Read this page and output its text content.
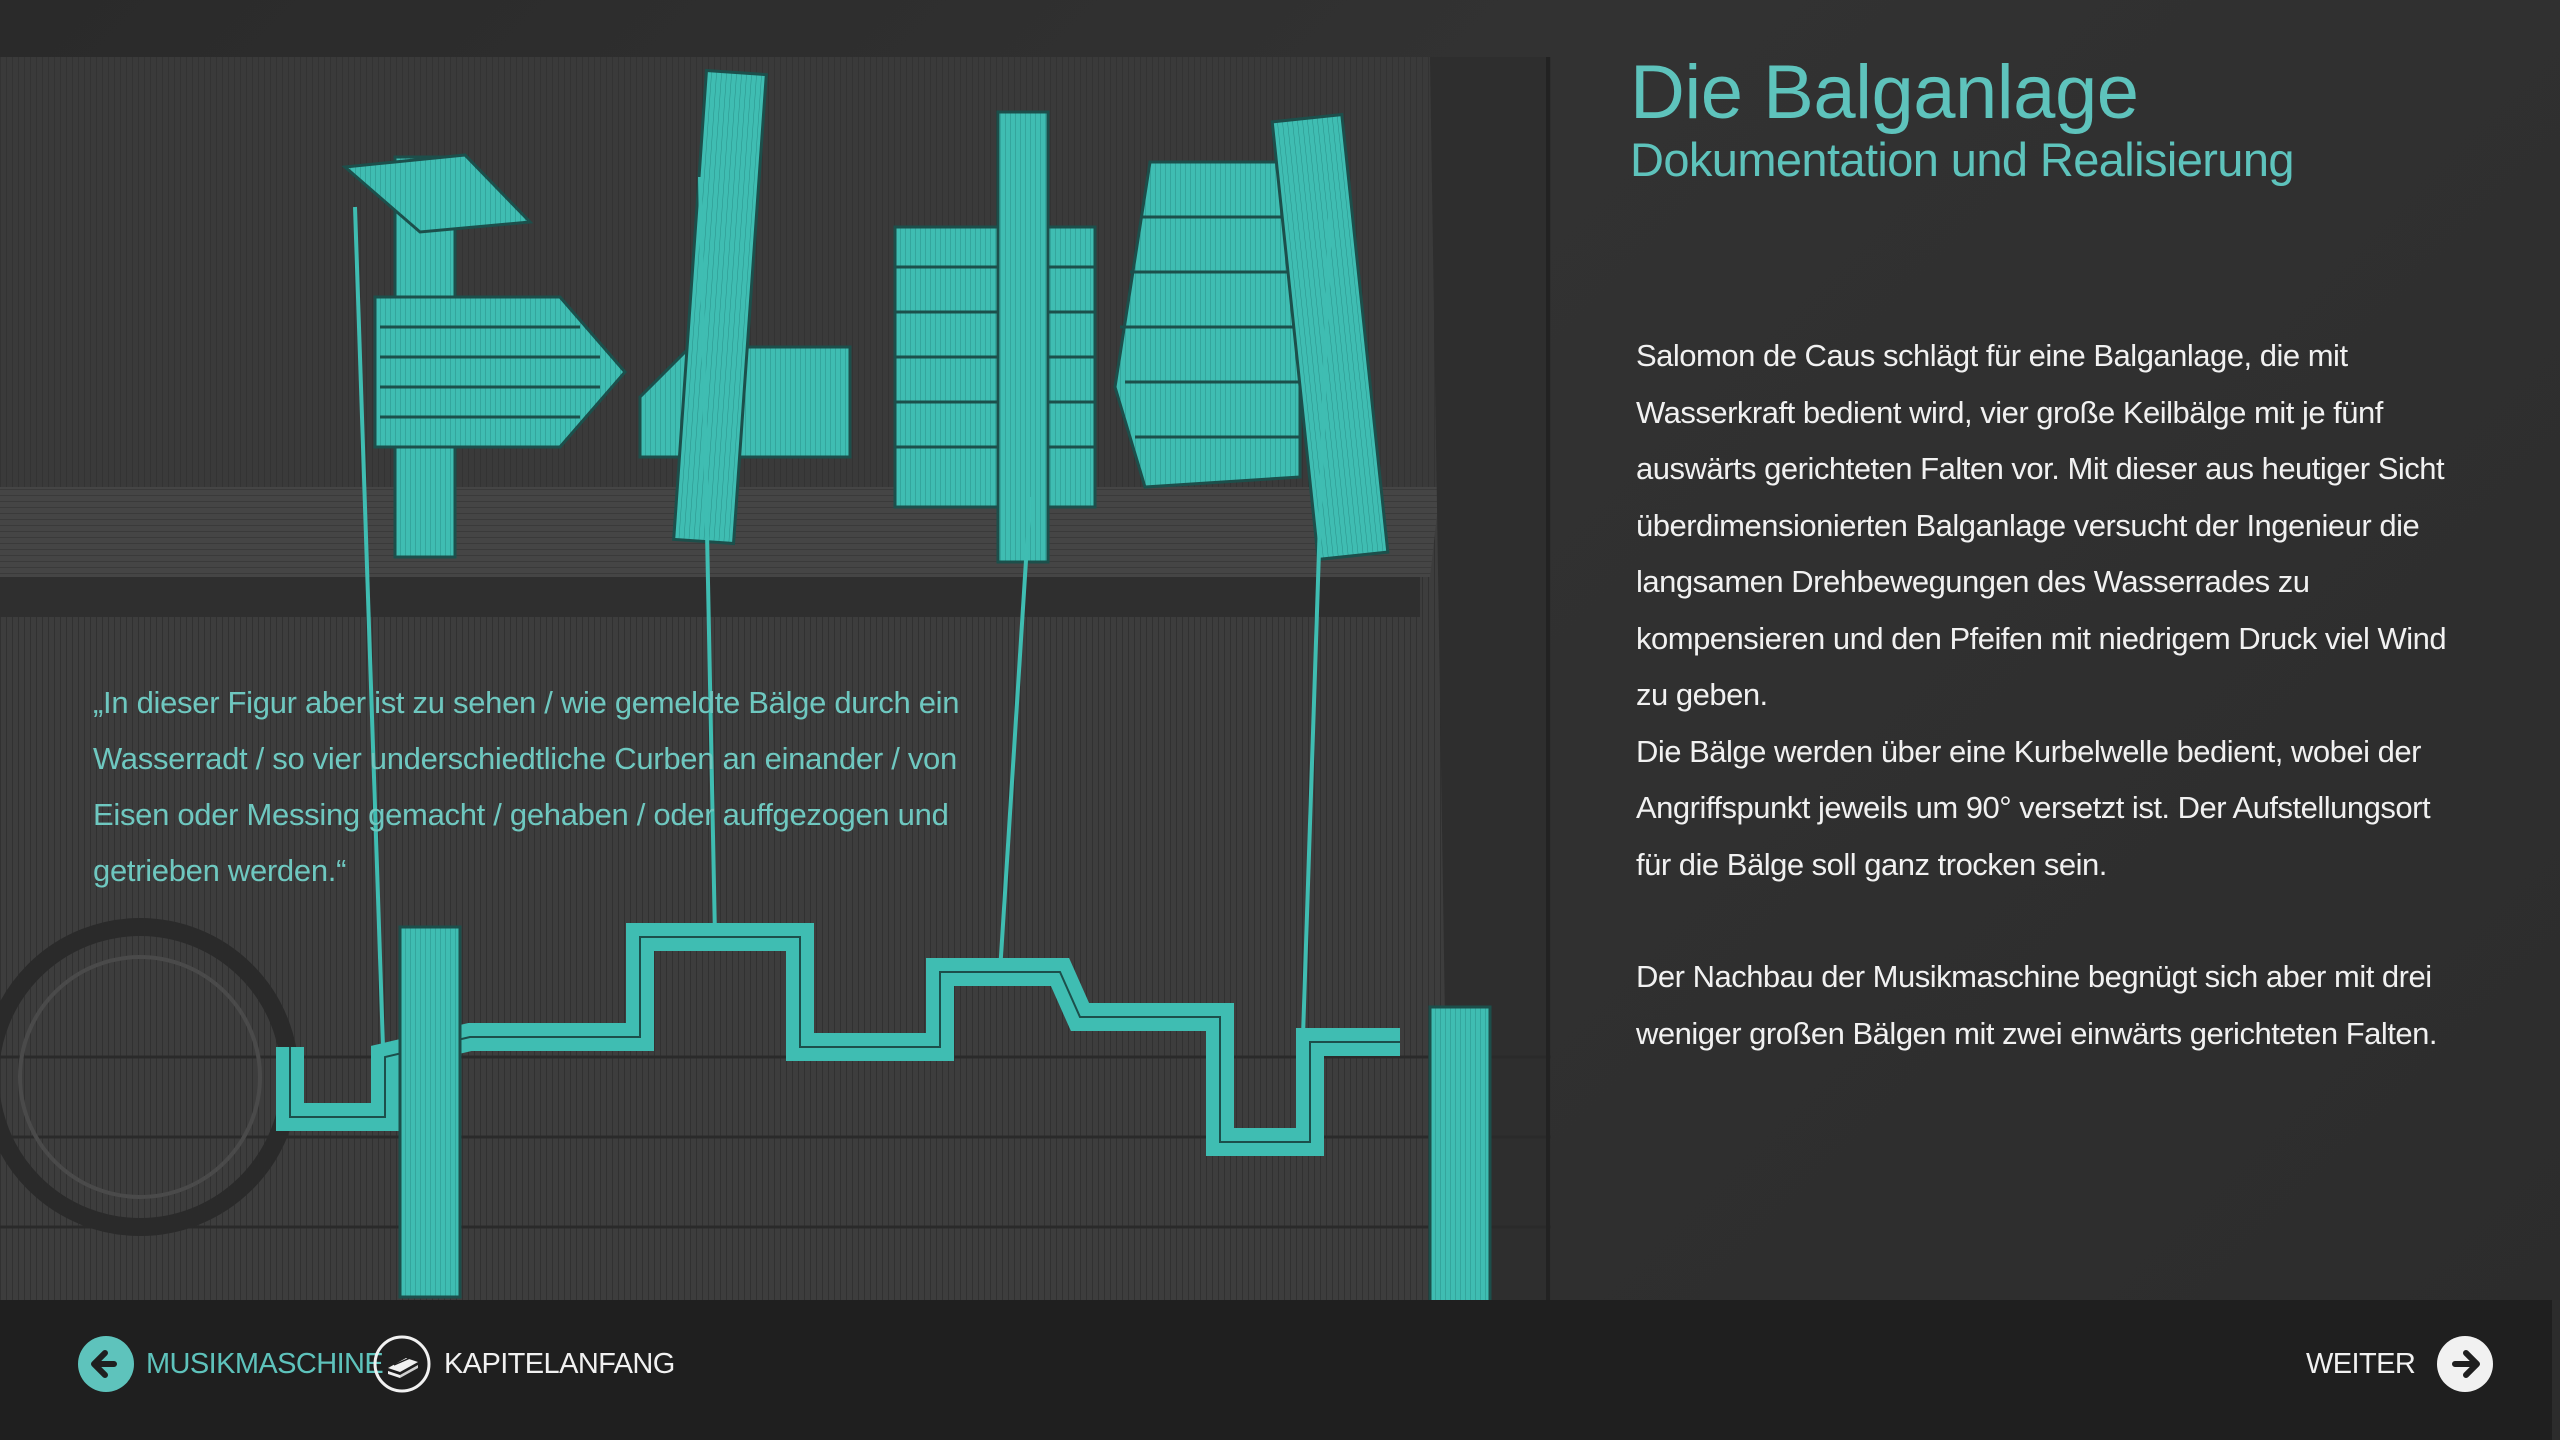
„In dieser Figur aber ist zu sehen / wie gemeldte Bälge durch ein Wasserradt / so vier underschiedtliche Curben an einander / von Eisen oder Messing gemacht / gehaben / oder auffgezogen und getrieben werden.“

Die Balganlage
Dokumentation und Realisierung

Salomon de Caus schlägt für eine Balganlage, die mit Wasserkraft bedient wird, vier große Keilbälge mit je fünf auswärts gerichteten Falten vor. Mit dieser aus heutiger Sicht überdimensionierten Balganlage versucht der Ingenieur die langsamen Drehbewegungen des Wasserrades zu kompensieren und den Pfeifen mit niedrigem Druck viel Wind zu geben.

Die Bälge werden über eine Kurbelwelle bedient, wobei der Angriffspunkt jeweils um 90° versetzt ist. Der Aufstellungsort für die Bälge soll ganz trocken sein.

Der Nachbau der Musikmaschine begnügt sich aber mit drei weniger großen Bälgen mit zwei einwärts gerichteten Falten.

MUSIKMASCHINE KAPITELANFANG	WEITER
